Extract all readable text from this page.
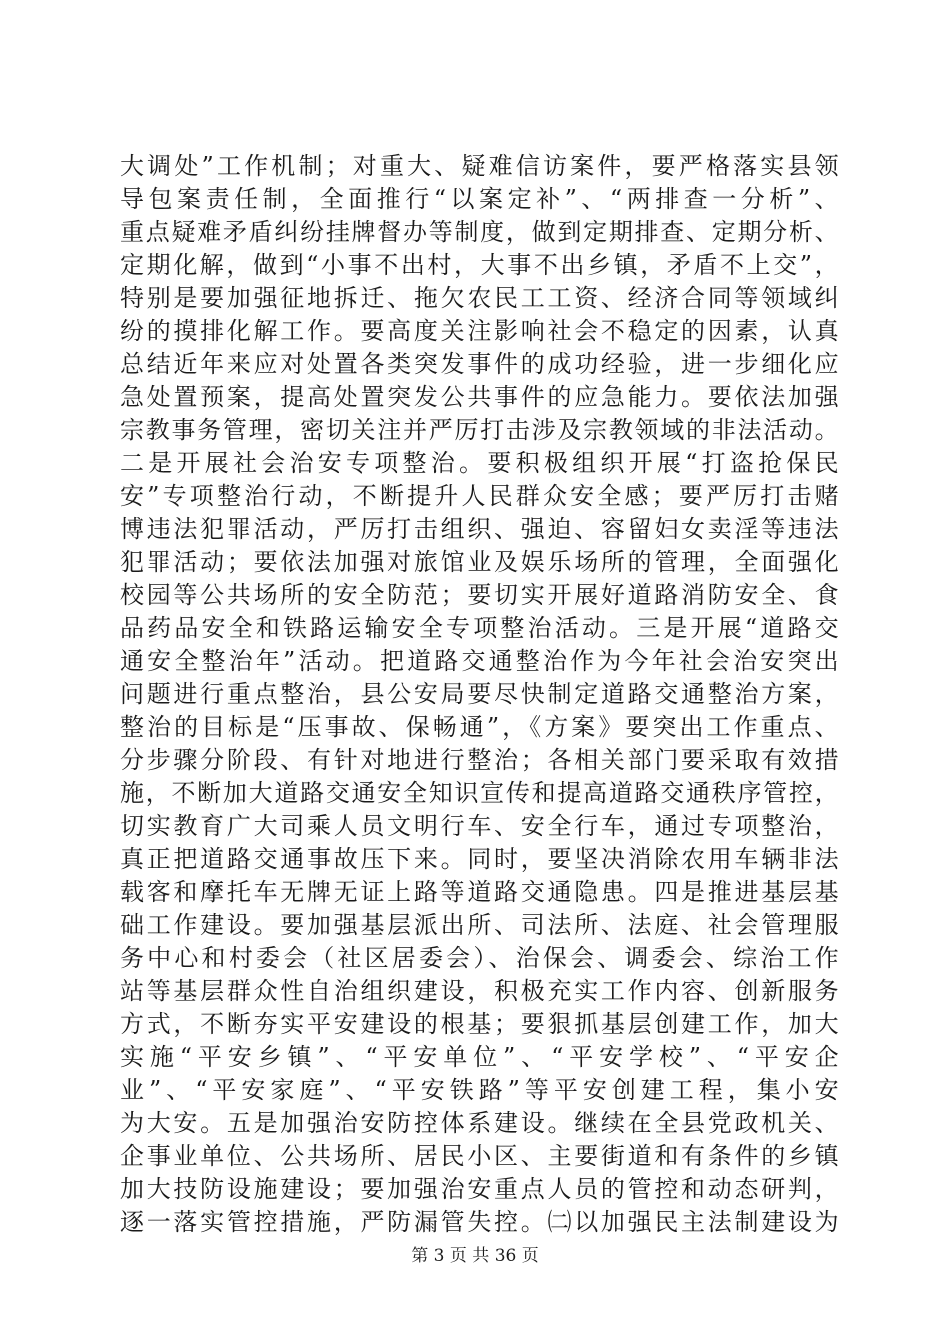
大调处”工作机制；对重大、疑难信访案件，要严格落实县领
导包案责任制，全面推行“以案定补”、“两排查一分析”、
重点疑难矛盾纠纷挂牌督办等制度，做到定期排查、定期分析、
定期化解，做到“小事不出村，大事不出乡镇，矛盾不上交”，
特别是要加强征地拆迁、拖欠农民工工资、经济合同等领域纠
纷的摸排化解工作。要高度关注影响社会不稳定的因素，认真
总结近年来应对处置各类突发事件的成功经验，进一步细化应
急处置预案，提高处置突发公共事件的应急能力。要依法加强
宗教事务管理，密切关注并严厉打击涉及宗教领域的非法活动。
二是开展社会治安专项整治。要积极组织开展“打盗抢保民
安”专项整治行动，不断提升人民群众安全感；要严厉打击赌
博违法犯罪活动，严厉打击组织、强迫、容留妇女卖淫等违法
犯罪活动；要依法加强对旅馆业及娱乐场所的管理，全面强化
校园等公共场所的安全防范；要切实开展好道路消防安全、食
品药品安全和铁路运输安全专项整治活动。三是开展“道路交
通安全整治年”活动。把道路交通整治作为今年社会治安突出
问题进行重点整治，县公安局要尽快制定道路交通整治方案，
整治的目标是“压事故、保畅通”，《方案》要突出工作重点、
分步骤分阶段、有针对地进行整治；各相关部门要采取有效措
施，不断加大道路交通安全知识宣传和提高道路交通秩序管控，
切实教育广大司乘人员文明行车、安全行车，通过专项整治，
真正把道路交通事故压下来。同时，要坚决消除农用车辆非法
载客和摩托车无牌无证上路等道路交通隐患。四是推进基层基
础工作建设。要加强基层派出所、司法所、法庭、社会管理服
务中心和村委会（社区居委会）、治保会、调委会、综治工作
站等基层群众性自治组织建设，积极充实工作内容、创新服务
方式，不断夯实平安建设的根基；要狠抓基层创建工作，加大
实施“平安乡镇”、“平安单位”、“平安学校”、“平安企
业”、“平安家庭”、“平安铁路”等平安创建工程，集小安
为大安。五是加强治安防控体系建设。继续在全县党政机关、
企事业单位、公共场所、居民小区、主要街道和有条件的乡镇
加大技防设施建设；要加强治安重点人员的管控和动态研判，
逐一落实管控措施，严防漏管失控。㈡以加强民主法制建设为
第 3 页 共 36 页
